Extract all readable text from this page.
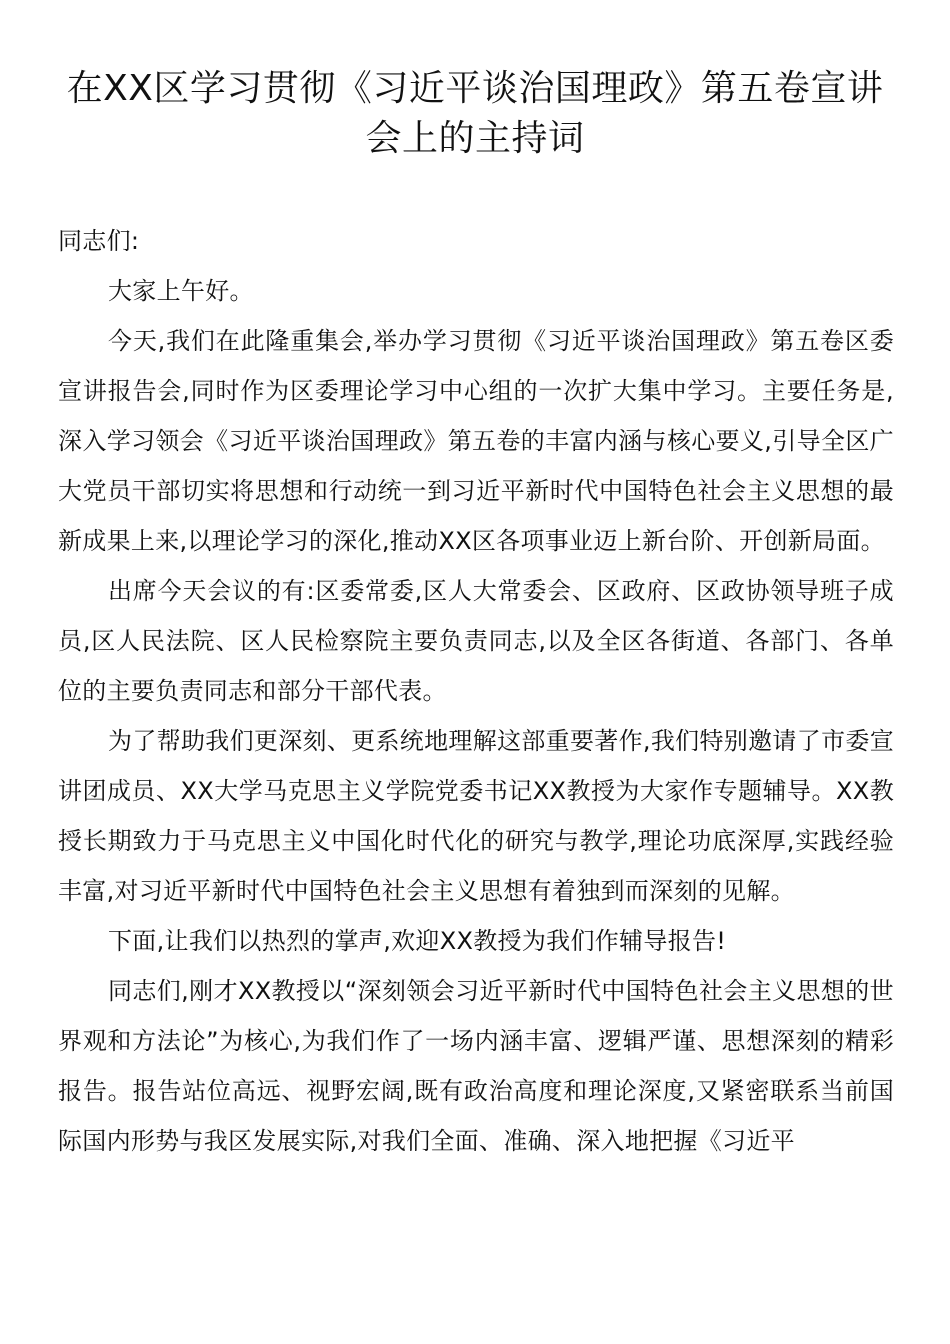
在XX区学习贯彻《习近平谈治国理政》第五卷宣讲会上的主持词

同志们:

大家上午好。

今天,我们在此隆重集会,举办学习贯彻《习近平谈治国理政》第五卷区委宣讲报告会,同时作为区委理论学习中心组的一次扩大集中学习。主要任务是,深入学习领会《习近平谈治国理政》第五卷的丰富内涵与核心要义,引导全区广大党员干部切实将思想和行动统一到习近平新时代中国特色社会主义思想的最新成果上来,以理论学习的深化,推动XX区各项事业迈上新台阶、开创新局面。

出席今天会议的有:区委常委,区人大常委会、区政府、区政协领导班子成员,区人民法院、区人民检察院主要负责同志,以及全区各街道、各部门、各单位的主要负责同志和部分干部代表。

为了帮助我们更深刻、更系统地理解这部重要著作,我们特别邀请了市委宣讲团成员、XX大学马克思主义学院党委书记XX教授为大家作专题辅导。XX教授长期致力于马克思主义中国化时代化的研究与教学,理论功底深厚,实践经验丰富,对习近平新时代中国特色社会主义思想有着独到而深刻的见解。

下面,让我们以热烈的掌声,欢迎XX教授为我们作辅导报告!

同志们,刚才XX教授以“深刻领会习近平新时代中国特色社会主义思想的世界观和方法论”为核心,为我们作了一场内涵丰富、逻辑严谨、思想深刻的精彩报告。报告站位高远、视野宏阔,既有政治高度和理论深度,又紧密联系当前国际国内形势与我区发展实际,对我们全面、准确、深入地把握《习近平
